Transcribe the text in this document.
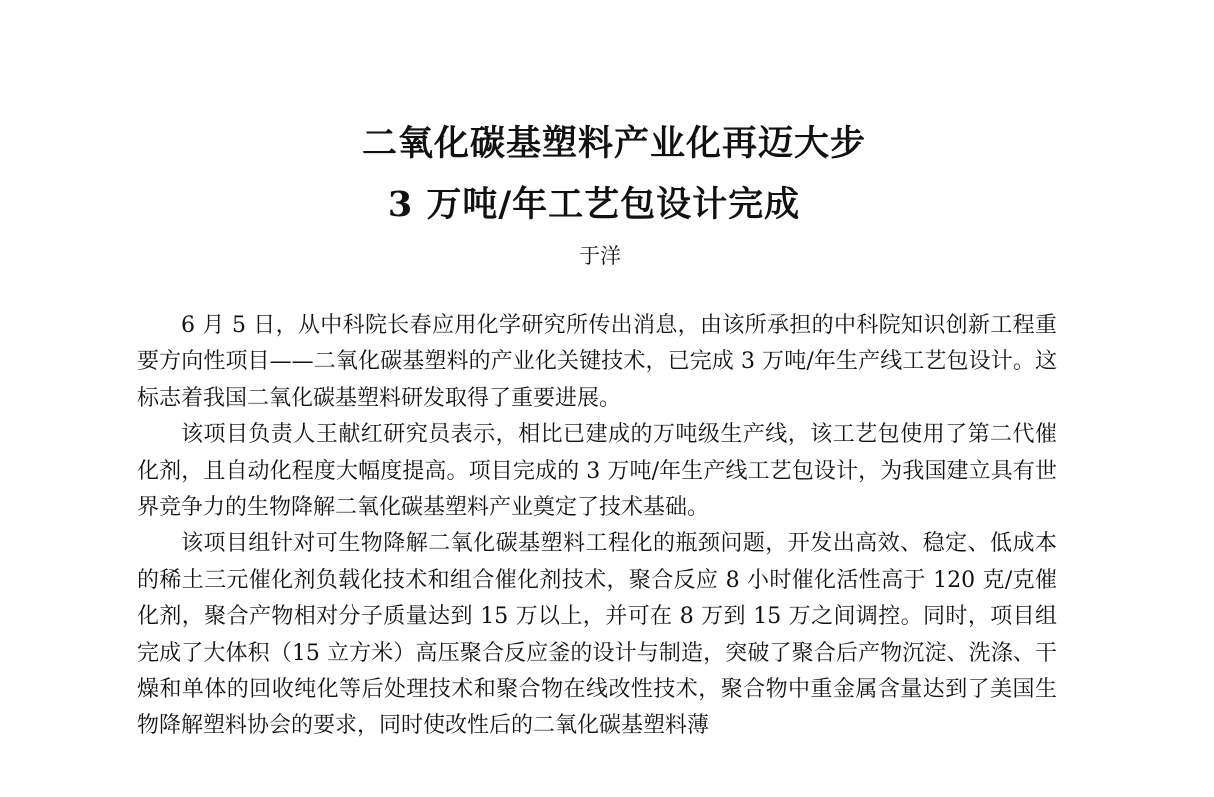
二氧化碳基塑料产业化再迈大步
3 万吨/年工艺包设计完成
于洋

6 月 5 日，从中科院长春应用化学研究所传出消息，由该所承担的中科院知识创新工程重要方向性项目——二氧化碳基塑料的产业化关键技术，已完成 3 万吨/年生产线工艺包设计。这标志着我国二氧化碳基塑料研发取得了重要进展。

该项目负责人王献红研究员表示，相比已建成的万吨级生产线，该工艺包使用了第二代催化剂，且自动化程度大幅度提高。项目完成的 3 万吨/年生产线工艺包设计，为我国建立具有世界竞争力的生物降解二氧化碳基塑料产业奠定了技术基础。

该项目组针对可生物降解二氧化碳基塑料工程化的瓶颈问题，开发出高效、稳定、低成本的稀土三元催化剂负载化技术和组合催化剂技术，聚合反应 8 小时催化活性高于 120 克/克催化剂，聚合产物相对分子质量达到 15 万以上，并可在 8 万到 15 万之间调控。同时，项目组完成了大体积（15 立方米）高压聚合反应釜的设计与制造，突破了聚合后产物沉淀、洗涤、干燥和单体的回收纯化等后处理技术和聚合物在线改性技术，聚合物中重金属含量达到了美国生物降解塑料协会的要求，同时使改性后的二氧化碳基塑料薄
